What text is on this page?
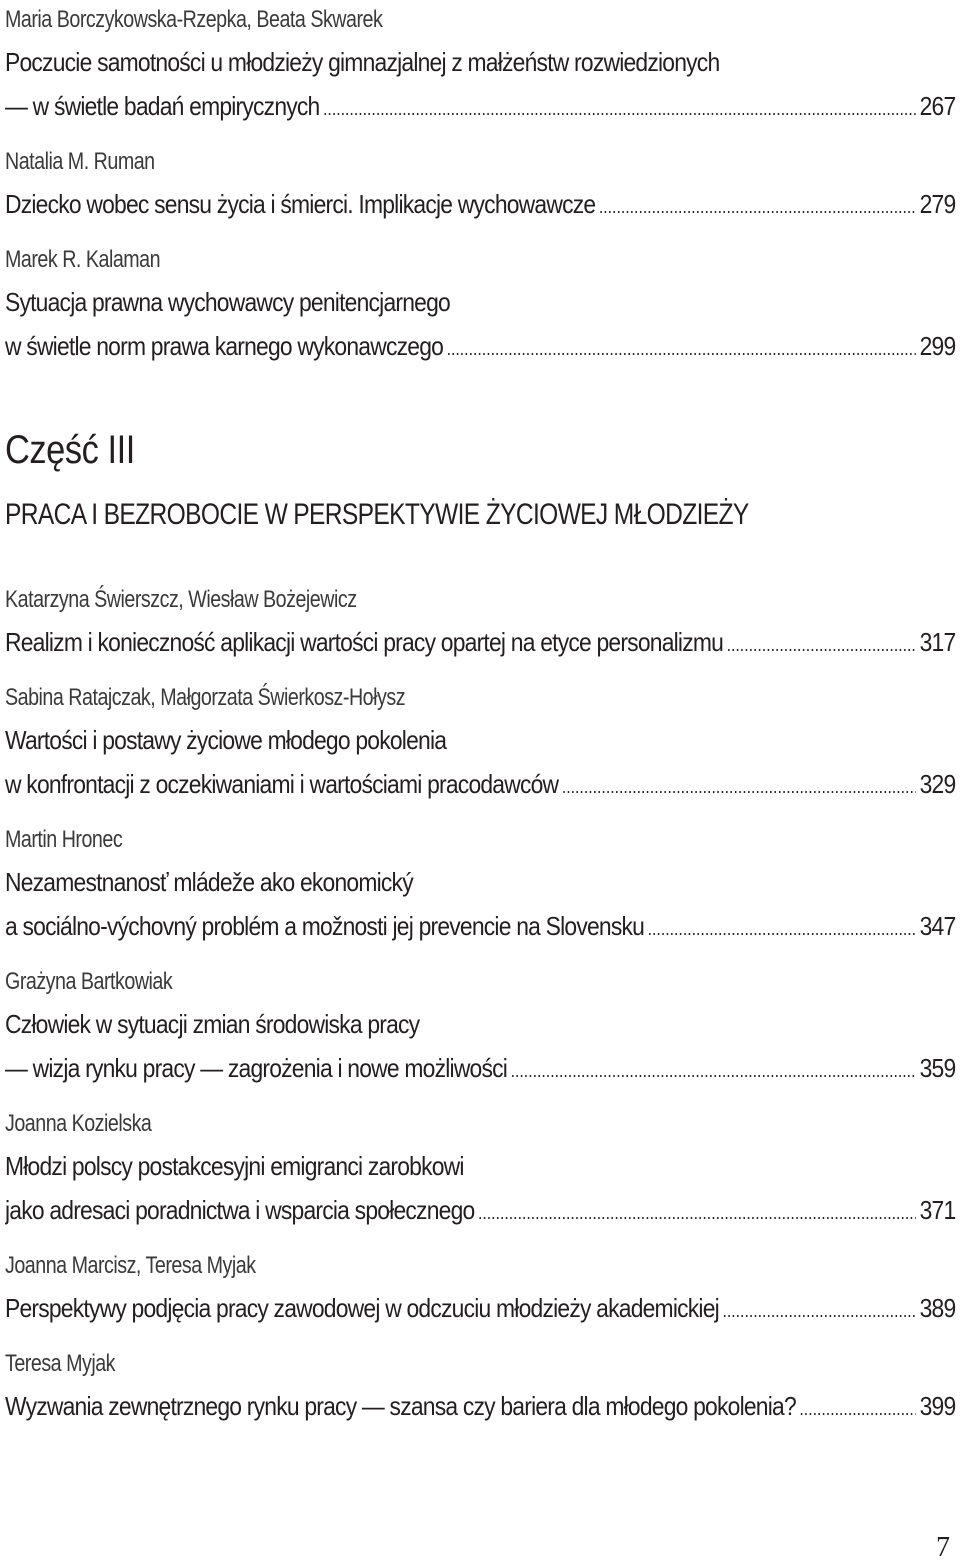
Maria Borczykowska-Rzepka, Beata Skwarek
Poczucie samotności u młodzieży gimnazjalnej z małżeństw rozwiedzionych
— w świetle badań empirycznych .....	267
Natalia M. Ruman
Dziecko wobec sensu życia i śmierci. Implikacje wychowawcze .....	279
Marek R. Kalaman
Sytuacja prawna wychowawcy penitencjarnego
w świetle norm prawa karnego wykonawczego .....	299
Część III
PRACA I BEZROBOCIE W PERSPEKTYWIE ŻYCIOWEJ MŁODZIEŻY
Katarzyna Świerszcz, Wiesław Bożejewicz
Realizm i konieczność aplikacji wartości pracy opartej na etyce personalizmu .....	317
Sabina Ratajczak, Małgorzata Świerkosz-Hołysz
Wartości i postawy życiowe młodego pokolenia
w konfrontacji z oczekiwaniami i wartościami pracodawców .....	329
Martin Hronec
Nezamestnanosť mládeže ako ekonomický
a sociálno-výchovný problém a možnosti jej prevencie na Slovensku .....	347
Grażyna Bartkowiak
Człowiek w sytuacji zmian środowiska pracy
— wizja rynku pracy — zagrożenia i nowe możliwości .....	359
Joanna Kozielska
Młodzi polscy postakcesyjni emigranci zarobkowi
jako adresaci poradnictwa i wsparcia społecznego .....	371
Joanna Marcisz, Teresa Myjak
Perspektywy podjęcia pracy zawodowej w odczuciu młodzieży akademickiej .....	389
Teresa Myjak
Wyzwania zewnętrznego rynku pracy — szansa czy bariera dla młodego pokolenia? .....	399
7
